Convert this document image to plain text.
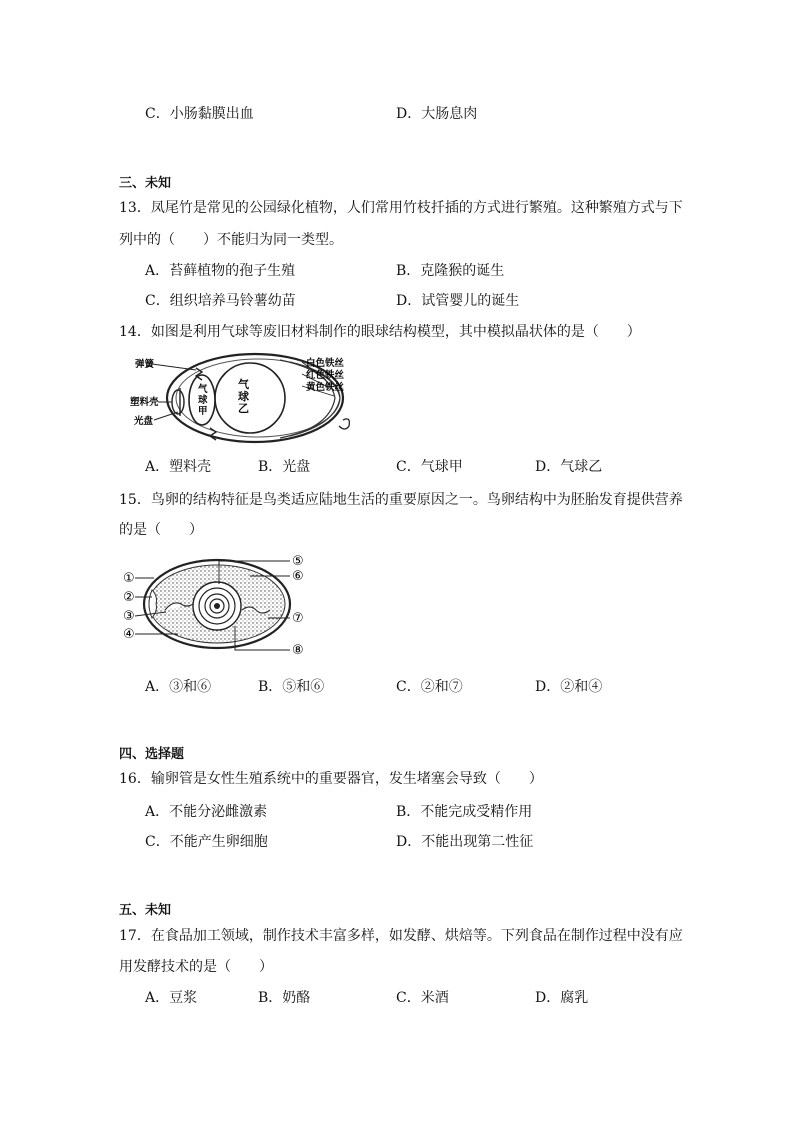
C．小肠黏膜出血	D．大肠息肉
三、未知
13．凤尾竹是常见的公园绿化植物，人们常用竹枝扦插的方式进行繁殖。这种繁殖方式与下
列中的（　　）不能归为同一类型。
A．苔藓植物的孢子生殖	B．克隆猴的诞生
C．组织培养马铃薯幼苗	D．试管婴儿的诞生
14．如图是利用气球等废旧材料制作的眼球结构模型，其中模拟晶状体的是（　　）
弹簧
塑料壳
光盘
白色铁丝
红色铁丝
黄色铁丝
气
球
甲
气
球
乙
A．塑料壳	B．光盘	C．气球甲	D．气球乙
15．鸟卵的结构特征是鸟类适应陆地生活的重要原因之一。鸟卵结构中为胚胎发育提供营养
的是（　　）
①
②
③
④
⑤
⑥
⑦
⑧
A．③和⑥	B．⑤和⑥	C．②和⑦	D．②和④
四、选择题
16．输卵管是女性生殖系统中的重要器官，发生堵塞会导致（　　）
A．不能分泌雌激素	B．不能完成受精作用
C．不能产生卵细胞	D．不能出现第二性征
五、未知
17．在食品加工领域，制作技术丰富多样，如发酵、烘焙等。下列食品在制作过程中没有应
用发酵技术的是（　　）
A．豆浆	B．奶酪	C．米酒	D．腐乳
